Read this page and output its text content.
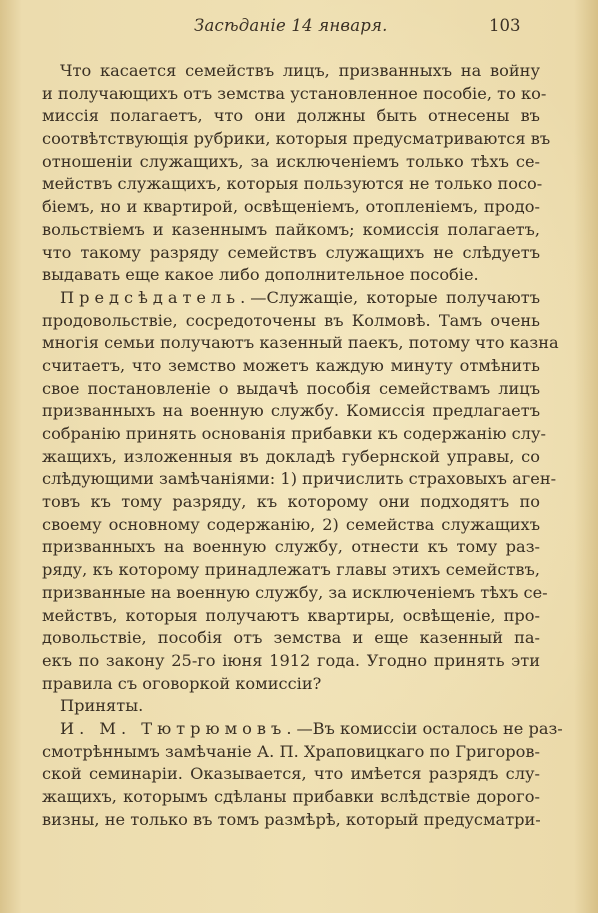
Засѣданіе 14 января.	103
Что касается семействъ лицъ, призванныхъ на войну
и получающихъ отъ земства установленное пособіе, то ко-
миссія полагаетъ, что они должны быть отнесены въ
соотвѣтствующія рубрики, которыя предусматриваются въ
отношеніи служащихъ, за исключеніемъ только тѣхъ се-
мействъ служащихъ, которыя пользуются не только посо-
біемъ, но и квартирой, освѣщеніемъ, отопленіемъ, продо-
вольствіемъ и казеннымъ пайкомъ; комиссія полагаетъ,
что такому разряду семействъ служащихъ не слѣдуетъ
выдавать еще какое либо дополнительное пособіе.
Предсѣдатель.—Служащіе, которые получаютъ
продовольствіе, сосредоточены въ Колмовѣ. Тамъ очень
многія семьи получаютъ казенный паекъ, потому что казна
считаетъ, что земство можетъ каждую минуту отмѣнить
свое постановленіе о выдачѣ пособія семействамъ лицъ
призванныхъ на военную службу. Комиссія предлагаетъ
собранію принять основанія прибавки къ содержанію слу-
жащихъ, изложенныя въ докладѣ губернской управы, со
слѣдующими замѣчаніями: 1) причислить страховыхъ аген-
товъ къ тому разряду, къ которому они подходятъ по
своему основному содержанію, 2) семейства служащихъ
призванныхъ на военную службу, отнести къ тому раз-
ряду, къ которому принадлежатъ главы этихъ семействъ,
призванные на военную службу, за исключеніемъ тѣхъ се-
мействъ, которыя получаютъ квартиры, освѣщеніе, про-
довольствіе, пособія отъ земства и еще казенный па-
екъ по закону 25-го іюня 1912 года. Угодно принять эти
правила съ оговоркой комиссіи?
Приняты.
И. М. Тютрюмовъ.—Въ комиссіи осталось не раз-
смотрѣннымъ замѣчаніе А. П. Храповицкаго по Григоров-
ской семинаріи. Оказывается, что имѣется разрядъ слу-
жащихъ, которымъ сдѣланы прибавки вслѣдствіе дорого-
визны, не только въ томъ размѣрѣ, который предусматри-
